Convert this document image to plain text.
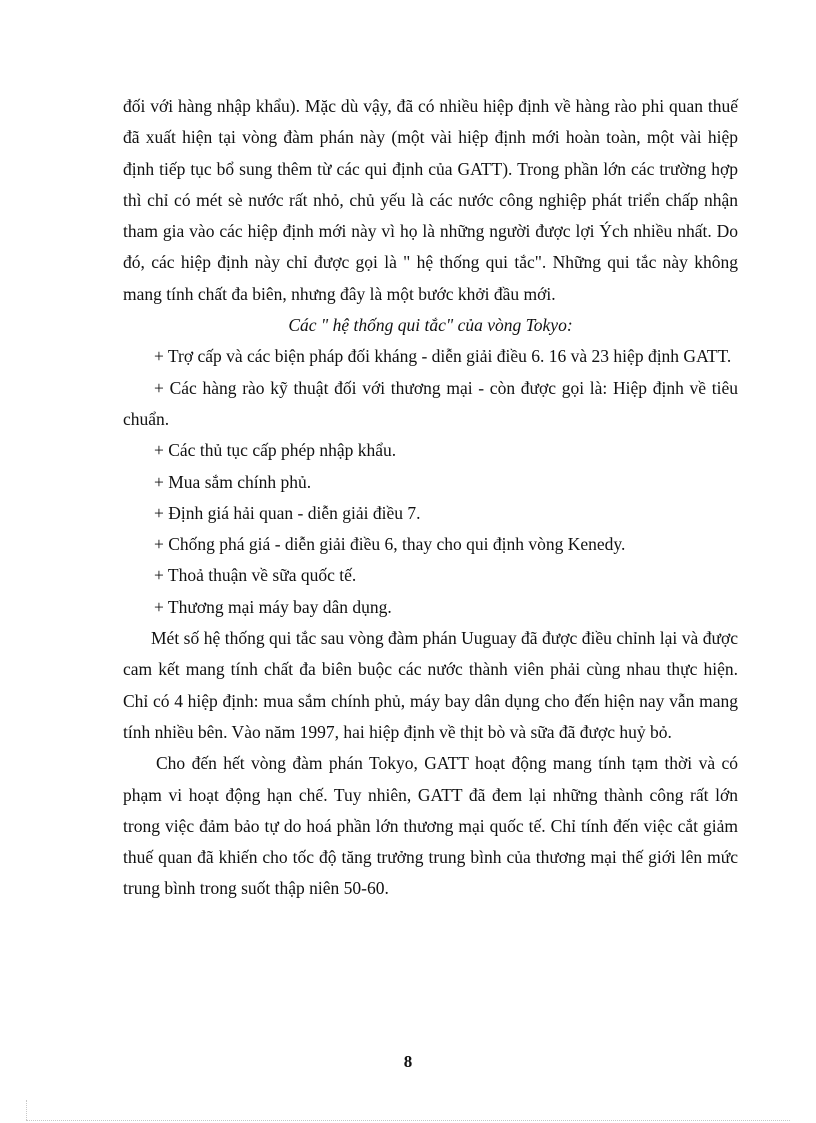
đối với hàng nhập khẩu). Mặc dù vậy, đã có nhiều hiệp định về hàng rào phi quan thuế đã xuất hiện tại vòng đàm phán này (một vài hiệp định mới hoàn toàn, một vài hiệp định tiếp tục bổ sung thêm từ các qui định của GATT). Trong phần lớn các trường hợp thì chỉ có mét sè nước rất nhỏ, chủ yếu là các nước công nghiệp phát triển chấp nhận tham gia vào các hiệp định mới này vì họ là những người được lợi Ých nhiều nhất. Do đó, các hiệp định này chỉ được gọi là " hệ thống qui tắc". Những qui tắc này không mang tính chất đa biên, nhưng đây là một bước khởi đầu mới.

Các " hệ thống qui tắc" của vòng Tokyo:

+ Trợ cấp và các biện pháp đối kháng - diễn giải điều 6. 16 và 23 hiệp định GATT.

+ Các hàng rào kỹ thuật đối với thương mại - còn được gọi là: Hiệp định về tiêu chuẩn.

+ Các thủ tục cấp phép nhập khẩu.

+ Mua sắm chính phủ.

+ Định giá hải quan - diễn giải điều 7.

+ Chống phá giá - diễn giải điều 6, thay cho qui định vòng Kenedy.

+ Thoả thuận về sữa quốc tế.

+ Thương mại máy bay dân dụng.

Mét số hệ thống qui tắc sau vòng đàm phán Uuguay đã được điều chỉnh lại và được cam kết mang tính chất đa biên buộc các nước thành viên phải cùng nhau thực hiện. Chỉ có 4 hiệp định: mua sắm chính phủ, máy bay dân dụng cho đến hiện nay vẫn mang tính nhiều bên. Vào năm 1997, hai hiệp định về thịt bò và sữa đã được huỷ bỏ.

Cho đến hết vòng đàm phán Tokyo, GATT hoạt động mang tính tạm thời và có phạm vi hoạt động hạn chế. Tuy nhiên, GATT đã đem lại những thành công rất lớn trong việc đảm bảo tự do hoá phần lớn thương mại quốc tế. Chỉ tính đến việc cắt giảm thuế quan đã khiến cho tốc độ tăng trưởng trung bình của thương mại thế giới lên mức trung bình trong suốt thập niên 50-60.

8
